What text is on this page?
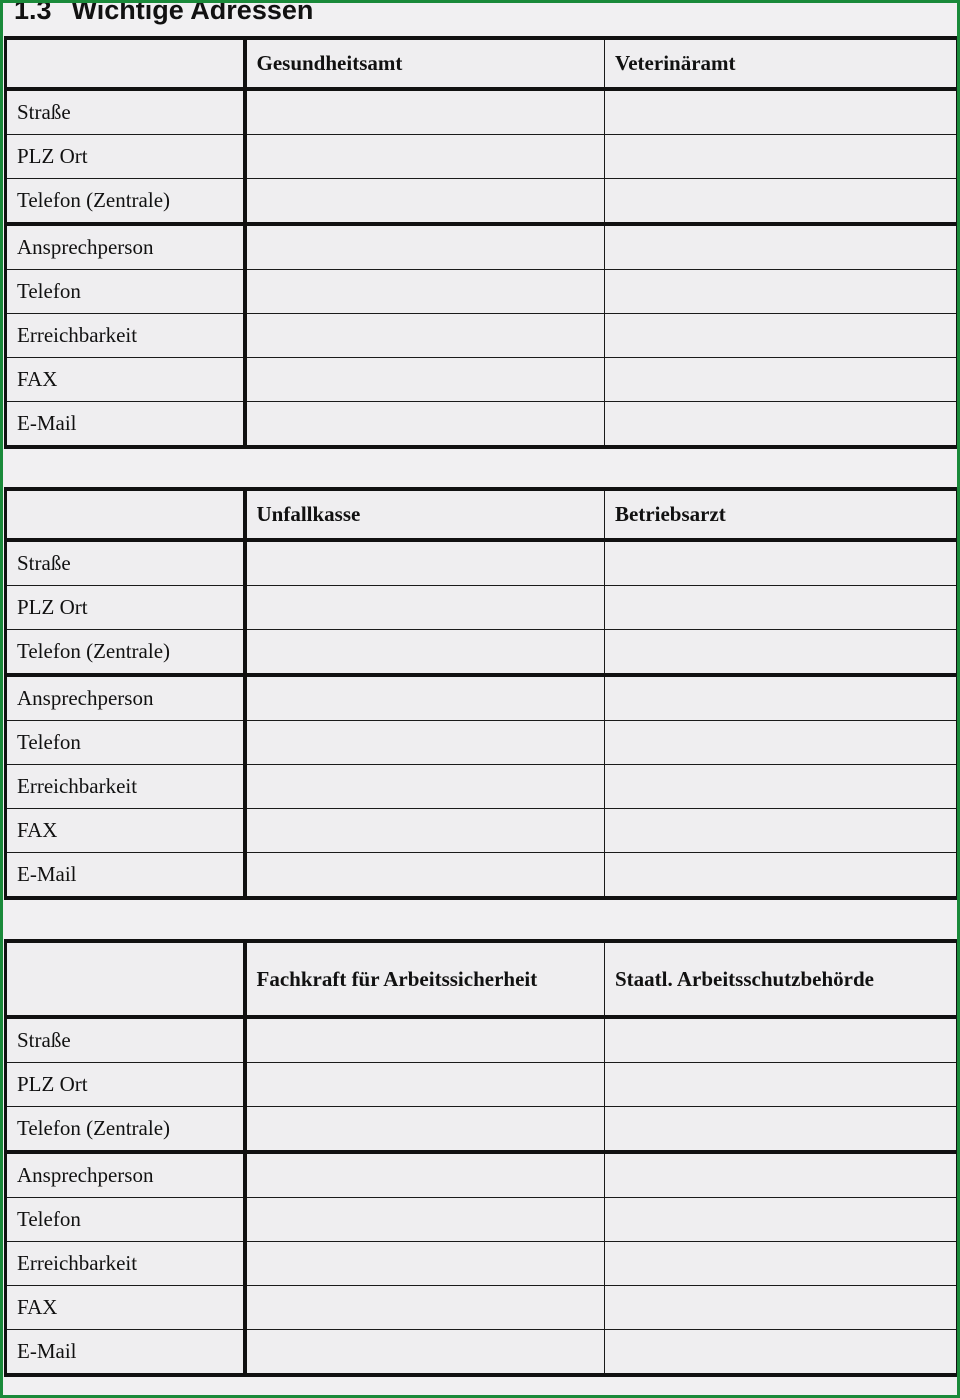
1.3 Wichtige Adressen
	Gesundheitsamt	Veterinäramt
Straße		
PLZ Ort		
Telefon (Zentrale)		
Ansprechperson		
Telefon		
Erreichbarkeit		
FAX		
E-Mail		
	Unfallkasse	Betriebsarzt
Straße		
PLZ Ort		
Telefon (Zentrale)		
Ansprechperson		
Telefon		
Erreichbarkeit		
FAX		
E-Mail		
	Fachkraft für Arbeitssicherheit	Staatl. Arbeitsschutzbehörde
Straße		
PLZ Ort		
Telefon (Zentrale)		
Ansprechperson		
Telefon		
Erreichbarkeit		
FAX		
E-Mail		
